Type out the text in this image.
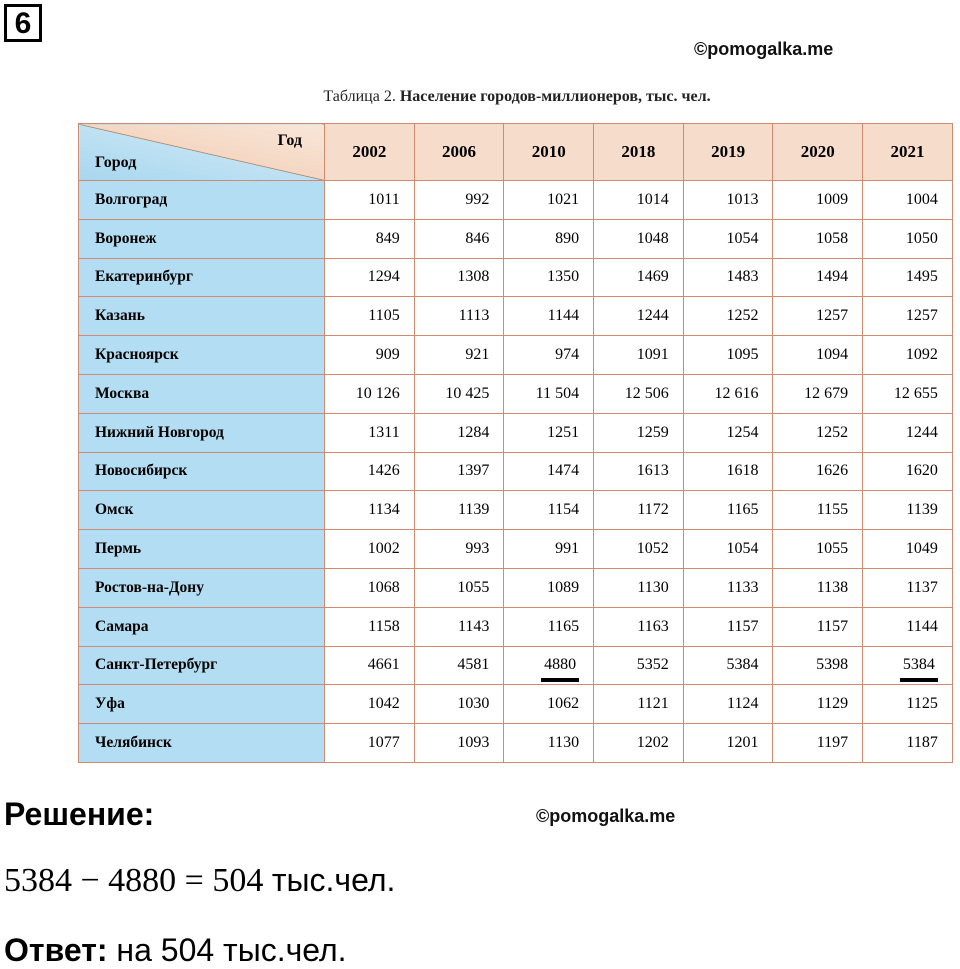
6
©pomogalka.me
Таблица 2. Население городов-миллионеров, тыс. чел.
Год
Город	2002	2006	2010	2018	2019	2020	2021
Волгоград	1011	992	1021	1014	1013	1009	1004
Воронеж	849	846	890	1048	1054	1058	1050
Екатеринбург	1294	1308	1350	1469	1483	1494	1495
Казань	1105	1113	1144	1244	1252	1257	1257
Красноярск	909	921	974	1091	1095	1094	1092
Москва	10 126	10 425	11 504	12 506	12 616	12 679	12 655
Нижний Новгород	1311	1284	1251	1259	1254	1252	1244
Новосибирск	1426	1397	1474	1613	1618	1626	1620
Омск	1134	1139	1154	1172	1165	1155	1139
Пермь	1002	993	991	1052	1054	1055	1049
Ростов-на-Дону	1068	1055	1089	1130	1133	1138	1137
Самара	1158	1143	1165	1163	1157	1157	1144
Санкт-Петербург	4661	4581	4880	5352	5384	5398	5384
Уфа	1042	1030	1062	1121	1124	1129	1125
Челябинск	1077	1093	1130	1202	1201	1197	1187
©pomogalka.me
Решение:
5384 − 4880 = 504 тыс.чел.
Ответ: на 504 тыс.чел.
